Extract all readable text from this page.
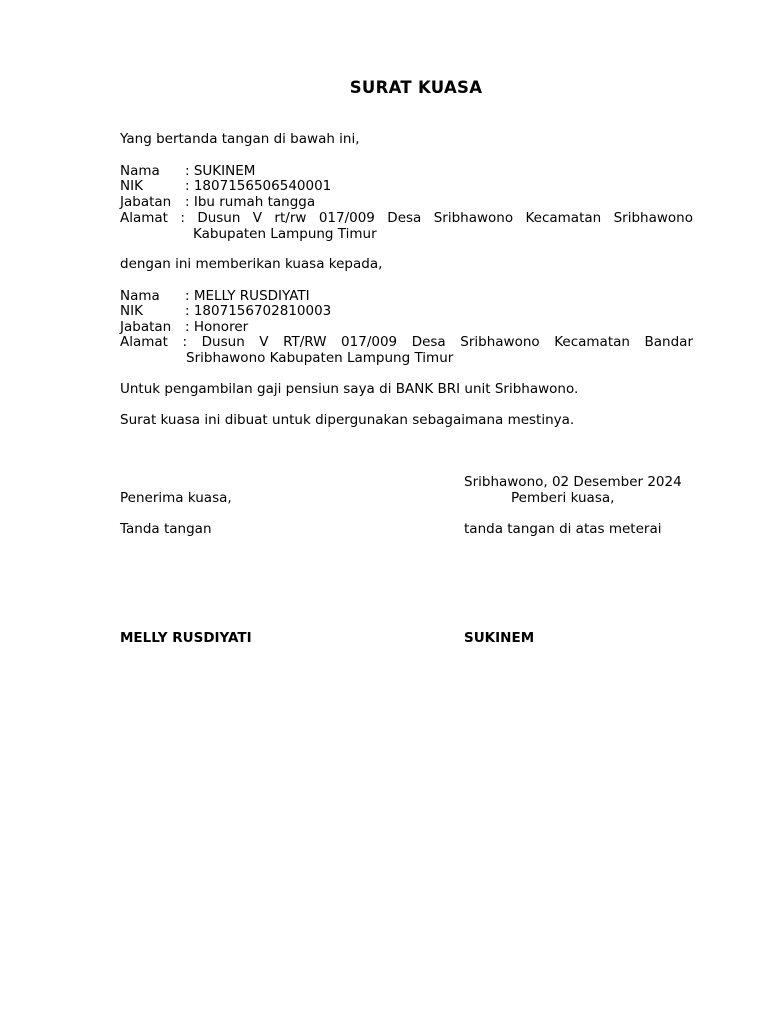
SURAT KUASA
Yang bertanda tangan di bawah ini,
Nama : SUKINEM
NIK	: 1807156506540001
Jabatan : Ibu rumah tangga
Alamat : Dusun V rt/rw 017/009 Desa Sribhawono Kecamatan Sribhawono
Kabupaten Lampung Timur
dengan ini memberikan kuasa kepada,
Nama : MELLY RUSDIYATI
NIK	: 1807156702810003
Jabatan : Honorer
Alamat : Dusun V RT/RW 017/009 Desa Sribhawono Kecamatan Bandar
Sribhawono Kabupaten Lampung Timur
Untuk pengambilan gaji pensiun saya di BANK BRI unit Sribhawono.
Surat kuasa ini dibuat untuk dipergunakan sebagaimana mestinya.
Sribhawono, 02 Desember 2024
Penerima kuasa,	Pemberi kuasa,
Tanda tangan	tanda tangan di atas meterai
MELLY RUSDIYATI	SUKINEM
